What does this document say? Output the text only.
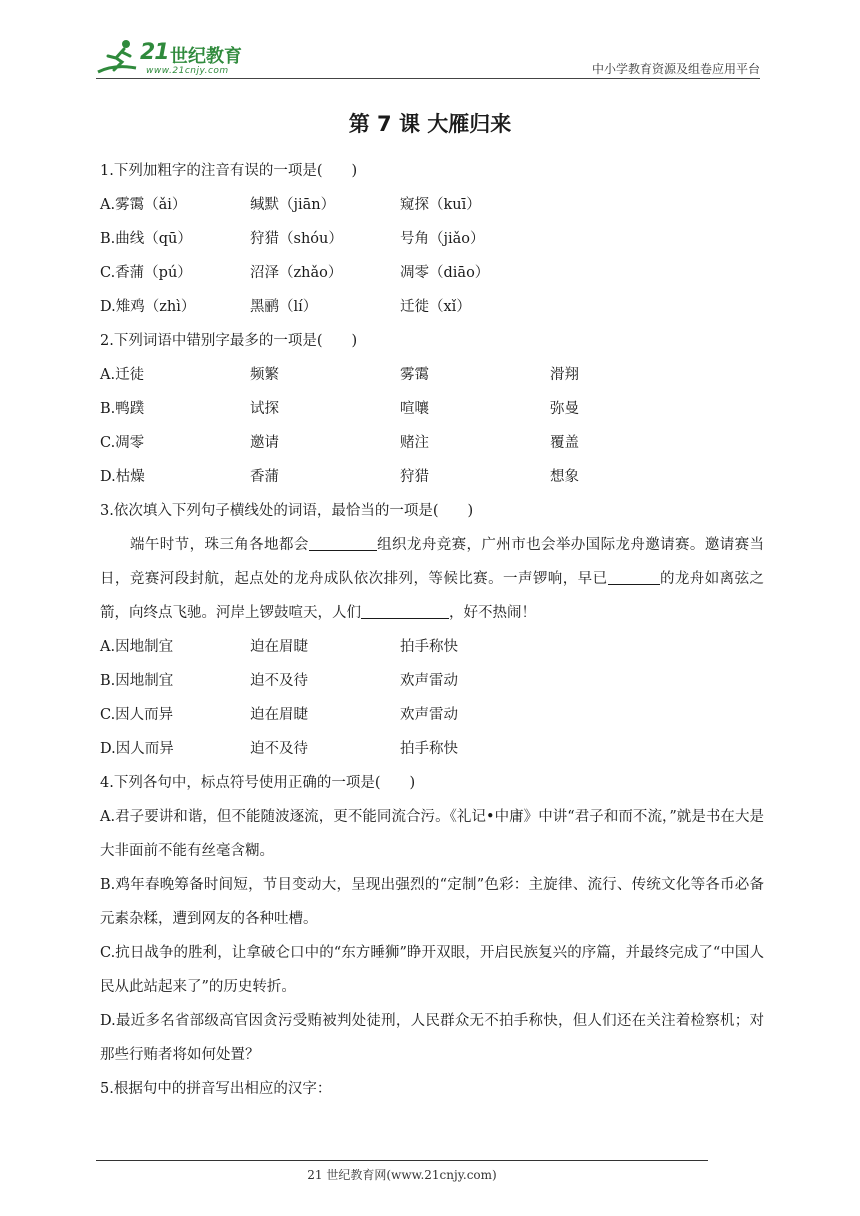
21 世纪教育
www.21cnjy.com	中小学教育资源及组卷应用平台
第 7 课 大雁归来
1.下列加粗字的注音有误的一项是(　　)
A.雾霭（ǎi）	缄默（jiān）	窥探（kuī）
B.曲线（qū）	狩猎（shóu）	号角（jiǎo）
C.香蒲（pú）	沼泽（zhǎo）	凋零（diāo）
D.雉鸡（zhì）	黑鹂（lí）	迁徙（xǐ）
2.下列词语中错别字最多的一项是(　　)
A.迁徒	频繁	雾霭	滑翔
B.鸭蹼	试探	喧嚷	弥曼
C.凋零	邀请	赌注	覆盖
D.枯燥	香蒲	狩猎	想象
3.依次填入下列句子横线处的词语，最恰当的一项是(　　)
端午时节，珠三角各地都会	组织龙舟竞赛，广州市也会举办国际龙舟邀请赛。邀请赛当日，竞赛河段封航，起点处的龙舟成队依次排列，等候比赛。一声锣响，早已	的龙舟如离弦之箭，向终点飞驰。河岸上锣鼓喧天，人们	，好不热闹！
A.因地制宜	迫在眉睫	拍手称快
B.因地制宜	迫不及待	欢声雷动
C.因人而异	迫在眉睫	欢声雷动
D.因人而异	迫不及待	拍手称快
4.下列各句中，标点符号使用正确的一项是(　　)
A.君子要讲和谐，但不能随波逐流，更不能同流合污。《礼记•中庸》中讲“君子和而不流，”就是书在大是大非面前不能有丝毫含糊。
B.鸡年春晚筹备时间短，节目变动大，呈现出强烈的“定制”色彩：主旋律、流行、传统文化等各币必备元素杂糅，遭到网友的各种吐槽。
C.抗日战争的胜利，让拿破仑口中的“东方睡狮”睁开双眼，开启民族复兴的序篇，并最终完成了“中国人民从此站起来了”的历史转折。
D.最近多名省部级高官因贪污受贿被判处徒刑，人民群众无不拍手称快，但人们还在关注着检察机；对那些行贿者将如何处置？
5.根据句中的拼音写出相应的汉字：
21 世纪教育网(www.21cnjy.com)
